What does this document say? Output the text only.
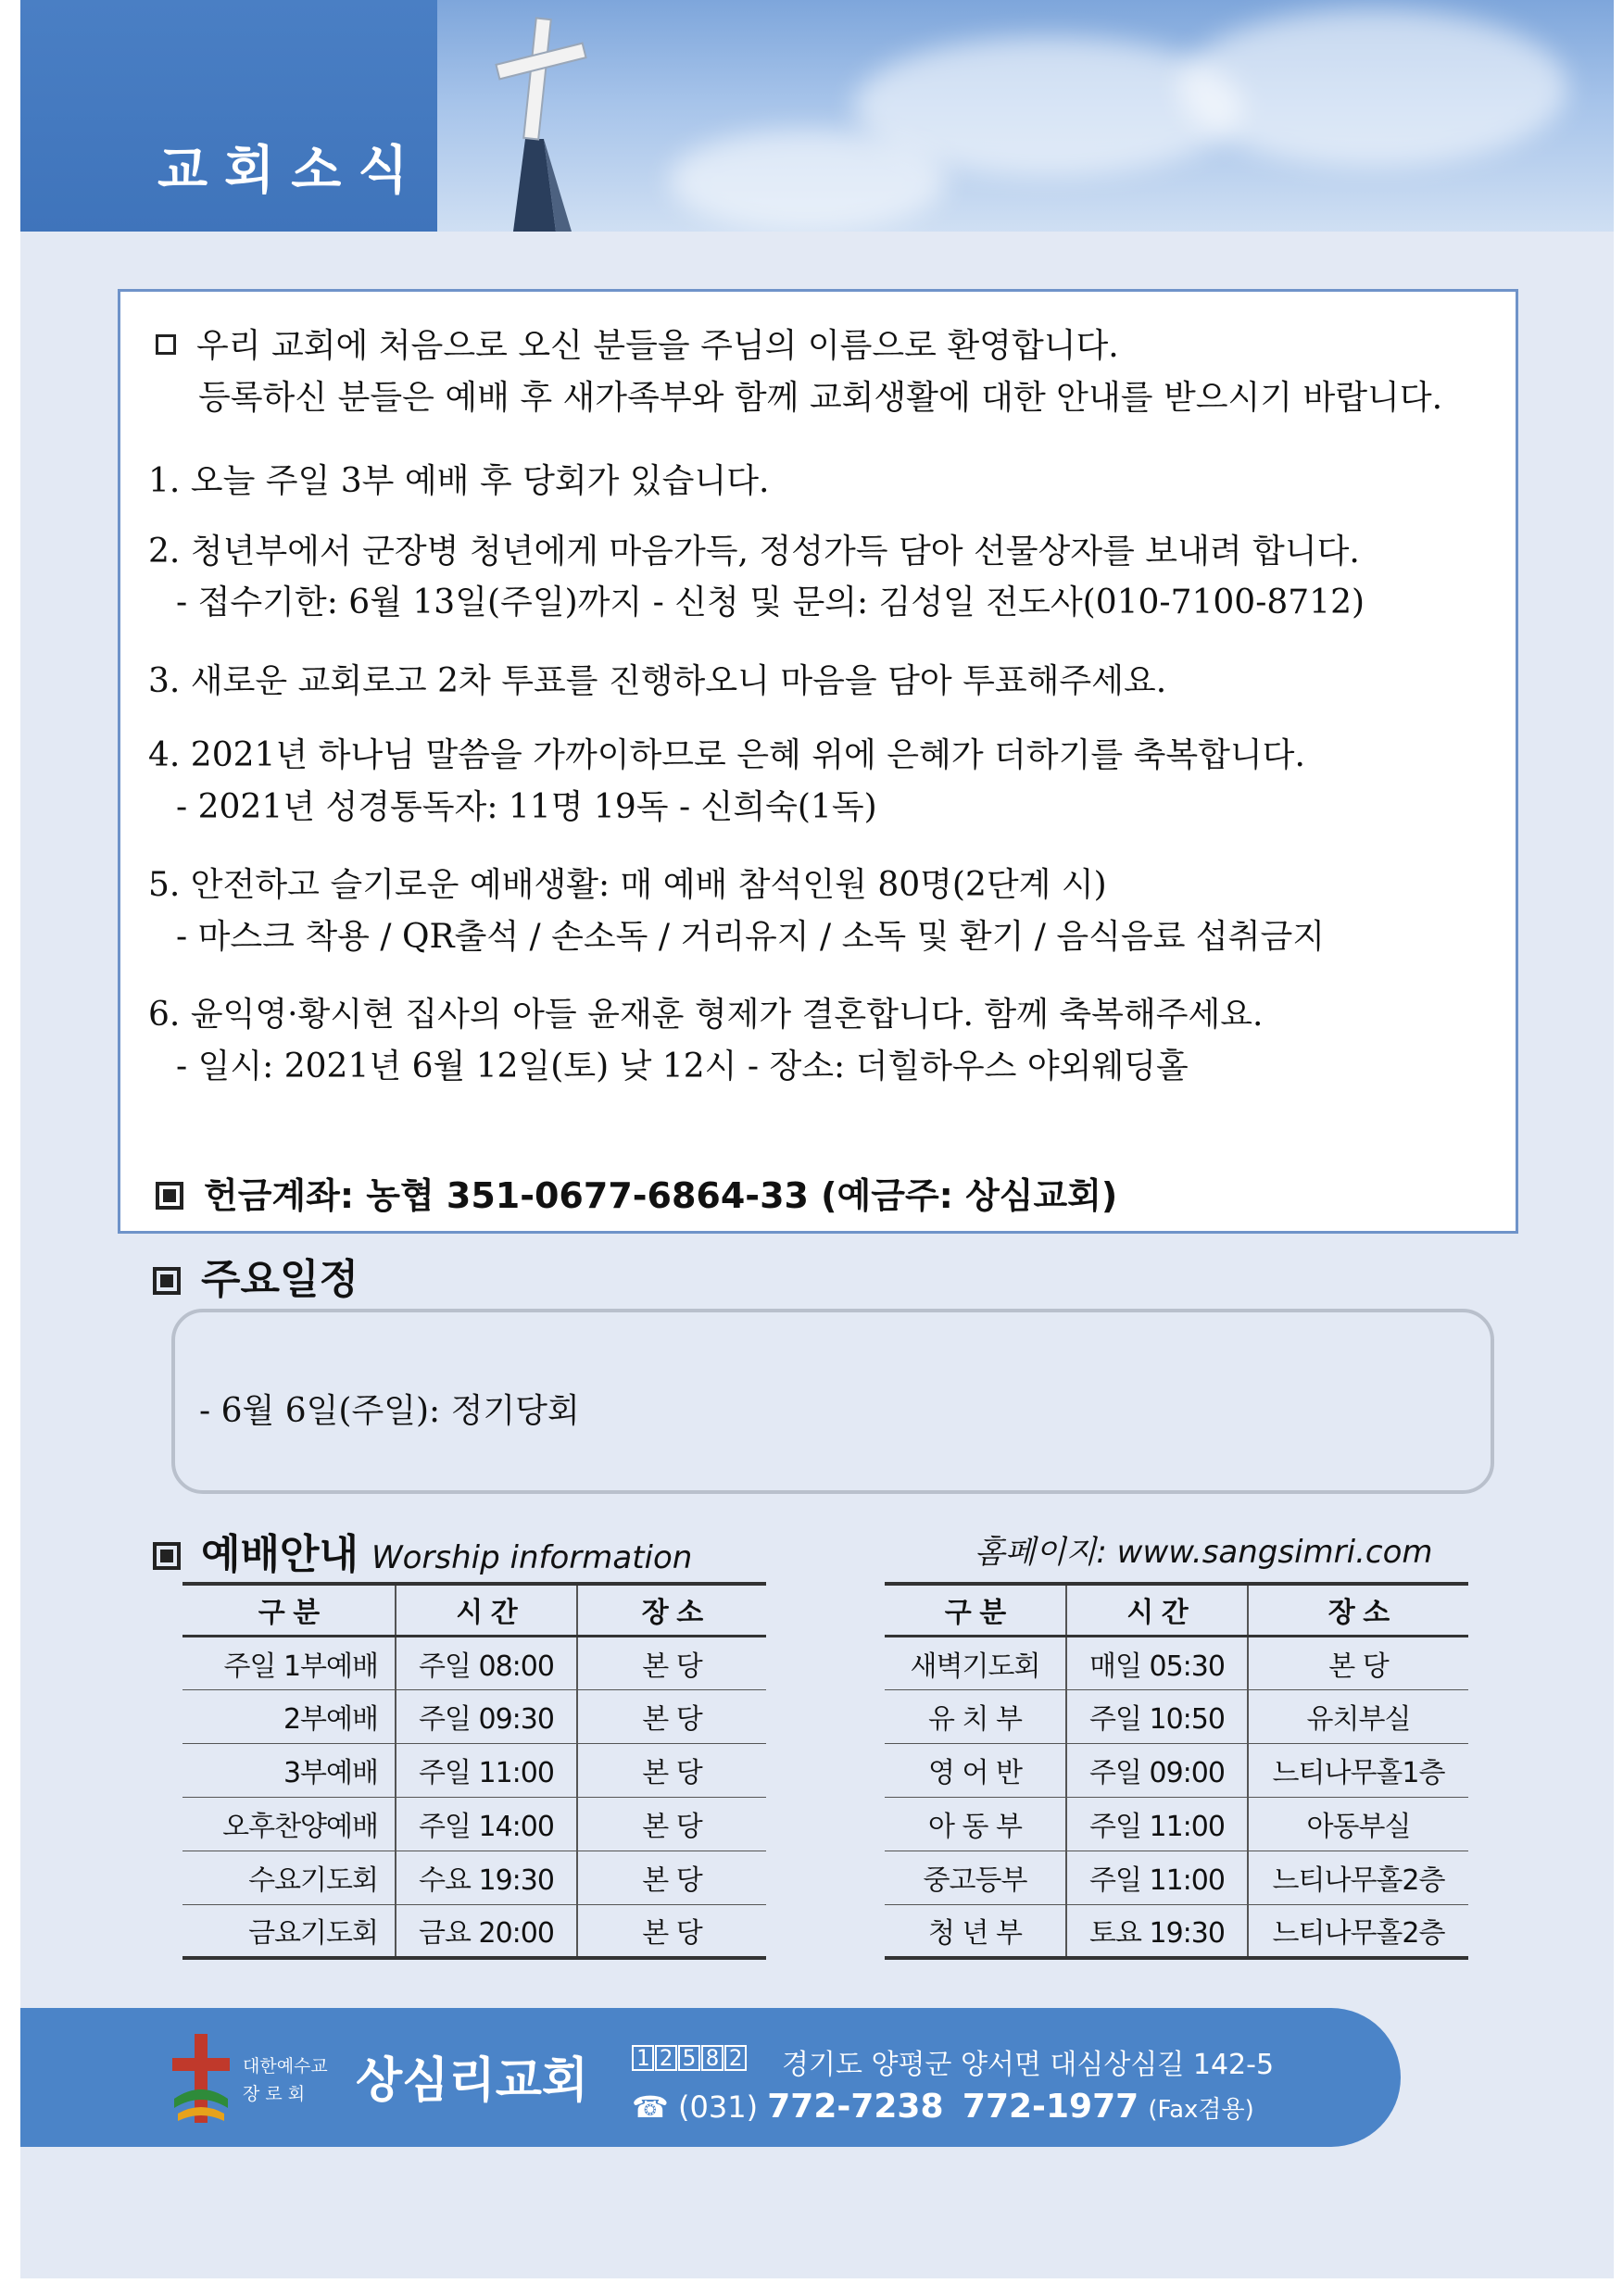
교회소식

우리 교회에 처음으로 오신 분들을 주님의 이름으로 환영합니다.

등록하신 분들은 예배 후 새가족부와 함께 교회생활에 대한 안내를 받으시기 바랍니다.

1. 오늘 주일 3부 예배 후 당회가 있습니다.

2. 청년부에서 군장병 청년에게 마음가득, 정성가득 담아 선물상자를 보내려 합니다.

- 접수기한: 6월 13일(주일)까지 - 신청 및 문의: 김성일 전도사(010-7100-8712)

3. 새로운 교회로고 2차 투표를 진행하오니 마음을 담아 투표해주세요.

4. 2021년 하나님 말씀을 가까이하므로 은혜 위에 은혜가 더하기를 축복합니다.

- 2021년 성경통독자: 11명 19독 - 신희숙(1독)

5. 안전하고 슬기로운 예배생활: 매 예배 참석인원 80명(2단계 시)

- 마스크 착용 / QR출석 / 손소독 / 거리유지 / 소독 및 환기 / 음식음료 섭취금지

6. 윤익영·황시현 집사의 아들 윤재훈 형제가 결혼합니다. 함께 축복해주세요.

- 일시: 2021년 6월 12일(토) 낮 12시 - 장소: 더힐하우스 야외웨딩홀

헌금계좌: 농협 351-0677-6864-33 (예금주: 상심교회)
주요일정

- 6월 6일(주일): 정기당회

예배안내 Worship information	홈페이지: www.sangsimri.com
구 분	시 간	장 소
주일 1부예배	주일 08:00	본 당
2부예배	주일 09:30	본 당
3부예배	주일 11:00	본 당
오후찬양예배	주일 14:00	본 당
수요기도회	수요 19:30	본 당
금요기도회	금요 20:00	본 당
구 분	시 간	장 소
새벽기도회	매일 05:30	본 당
유 치 부	주일 10:50	유치부실
영 어 반	주일 09:00	느티나무홀1층
아 동 부	주일 11:00	아동부실
중고등부	주일 11:00	느티나무홀2층
청 년 부	토요 19:30	느티나무홀2층
대한예수교
장 로 회	상심리교회 1 2 5 8 2 경기도 양평군 양서면 대심상심길 142-5
☎ (031) 772-7238 772-1977 (Fax겸용)
